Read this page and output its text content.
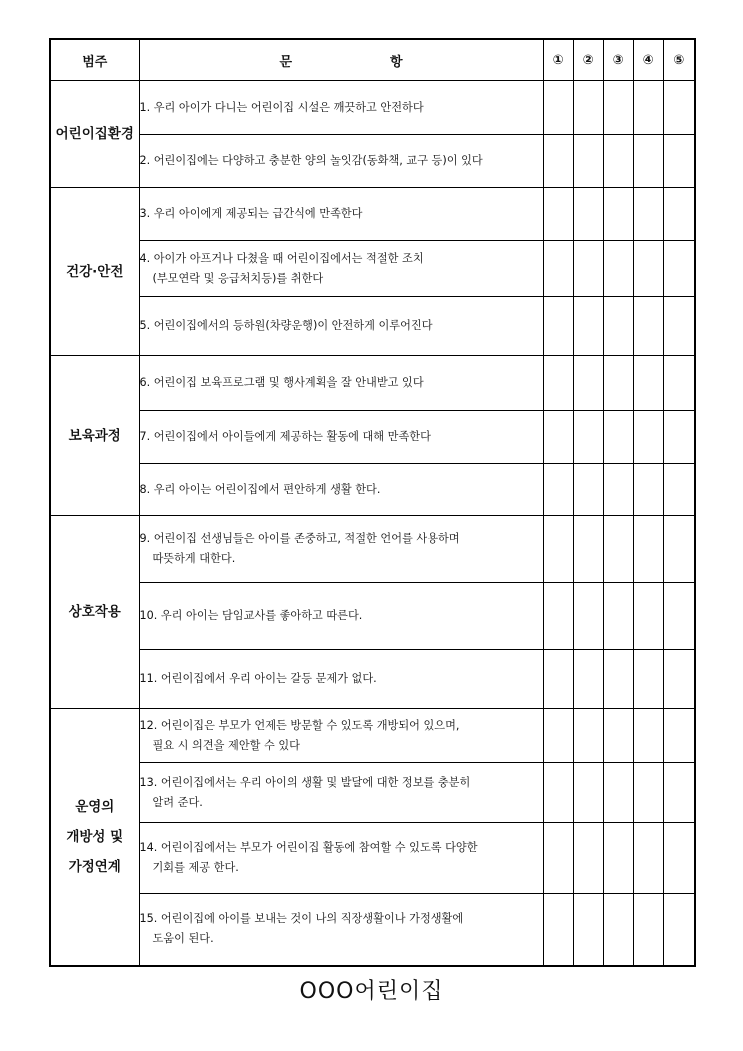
범주	문 항	①	②	③	④	⑤
어린이집환경	1. 우리 아이가 다니는 어린이집 시설은 깨끗하고 안전하다					
	2. 어린이집에는 다양하고 충분한 양의 놀잇감(동화책, 교구 등)이 있다					
건강·안전	3. 우리 아이에게 제공되는 급간식에 만족한다					
	4. 아이가 아프거나 다쳤을 때 어린이집에서는 적절한 조치
(부모연락 및 응급처치등)를 취한다					

	5. 어린이집에서의 등하원(차량운행)이 안전하게 이루어진다					
보육과정	6. 어린이집 보육프로그램 및 행사계획을 잘 안내받고 있다					
	7. 어린이집에서 아이들에게 제공하는 활동에 대해 만족한다					
	8. 우리 아이는 어린이집에서 편안하게 생활 한다.					
상호작용	9. 어린이집 선생님들은 아이를 존중하고, 적절한 언어를 사용하며
따뜻하게 대한다.					

	10. 우리 아이는 담임교사를 좋아하고 따른다.					
	11. 어린이집에서 우리 아이는 갈등 문제가 없다.					

운영의
개방성 및
가정연계	12. 어린이집은 부모가 언제든 방문할 수 있도록 개방되어 있으며,
필요 시 의견을 제안할 수 있다					

	13. 어린이집에서는 우리 아이의 생활 및 발달에 대한 정보를 충분히
알려 준다.					

	14. 어린이집에서는 부모가 어린이집 활동에 참여할 수 있도록 다양한
기회를 제공 한다.					

	15. 어린이집에 아이를 보내는 것이 나의 직장생활이나 가정생활에
도움이 된다.					

OOO어린이집
